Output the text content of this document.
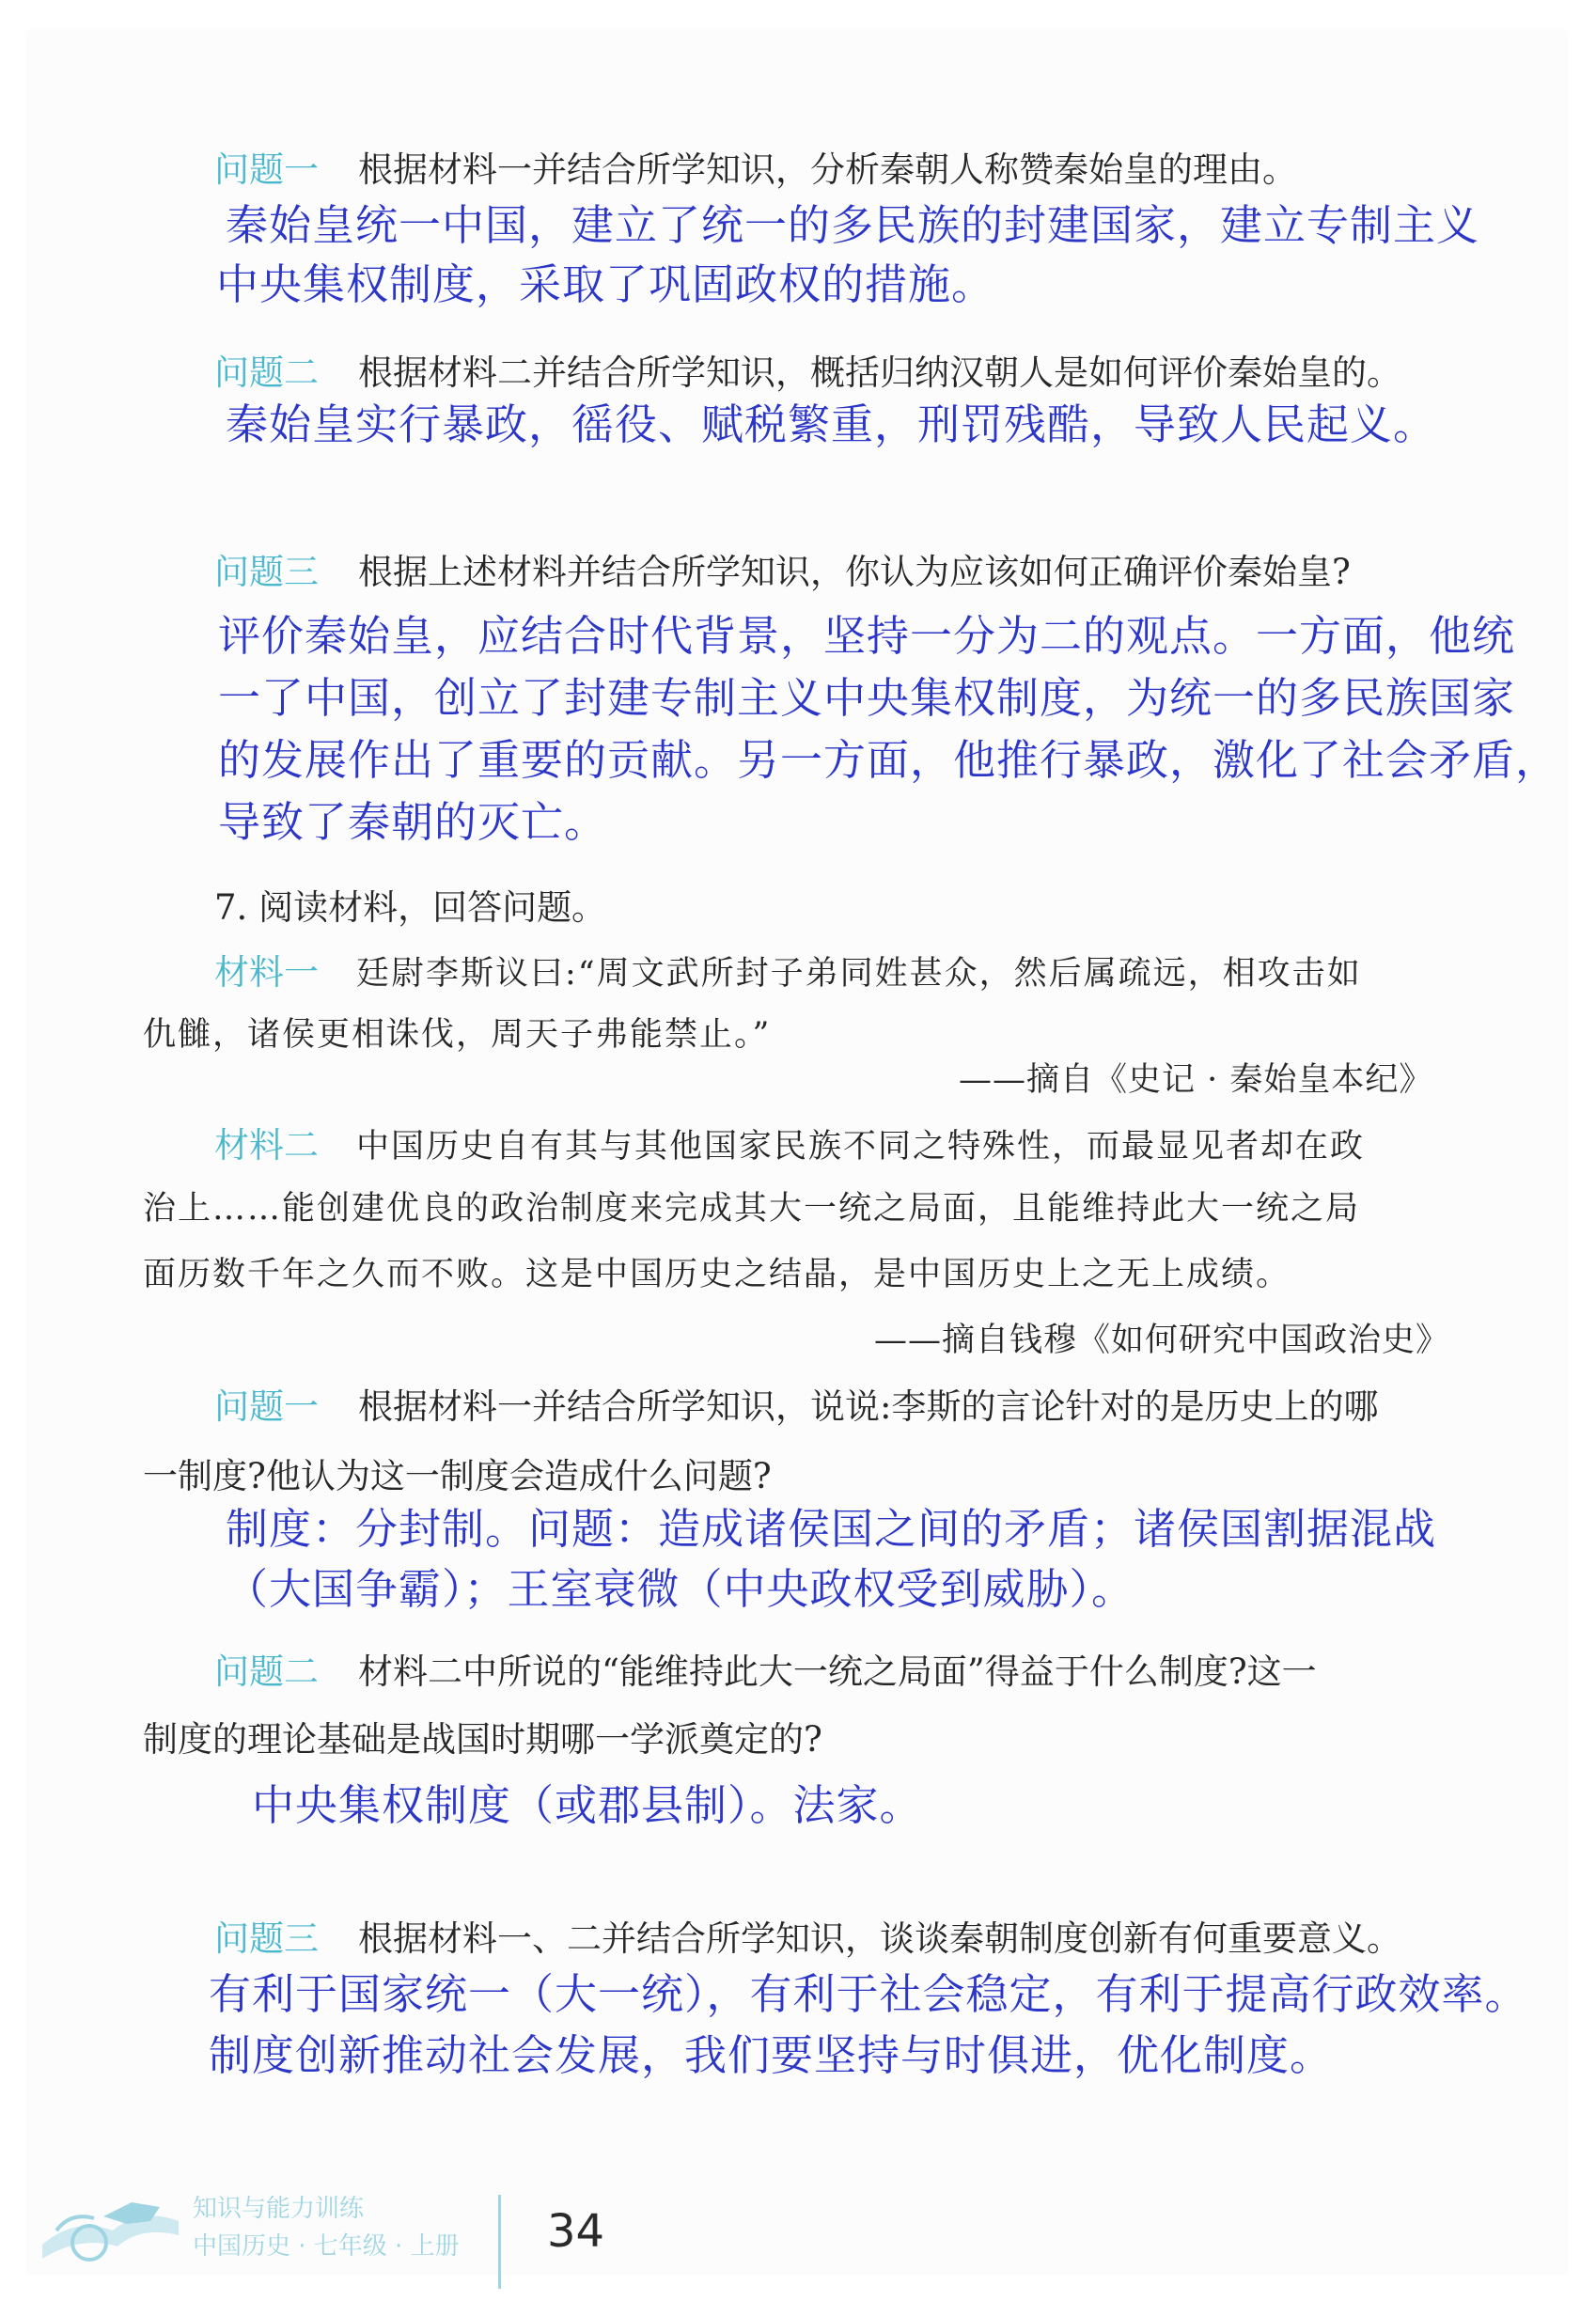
问题一 根据材料一并结合所学知识，分析秦朝人称赞秦始皇的理由。
秦始皇统一中国，建立了统一的多民族的封建国家，建立专制主义
中央集权制度，采取了巩固政权的措施。
问题二 根据材料二并结合所学知识，概括归纳汉朝人是如何评价秦始皇的。
秦始皇实行暴政，徭役、赋税繁重，刑罚残酷，导致人民起义。
问题三 根据上述材料并结合所学知识，你认为应该如何正确评价秦始皇?
评价秦始皇，应结合时代背景，坚持一分为二的观点。一方面，他统
一了中国，创立了封建专制主义中央集权制度，为统一的多民族国家
的发展作出了重要的贡献。另一方面，他推行暴政，激化了社会矛盾，
导致了秦朝的灭亡。
7. 阅读材料，回答问题。
材料一 廷尉李斯议曰:“周文武所封子弟同姓甚众，然后属疏远，相攻击如
仇雠，诸侯更相诛伐，周天子弗能禁止。”
——摘自《史记 · 秦始皇本纪》
材料二 中国历史自有其与其他国家民族不同之特殊性，而最显见者却在政
治上……能创建优良的政治制度来完成其大一统之局面，且能维持此大一统之局
面历数千年之久而不败。这是中国历史之结晶，是中国历史上之无上成绩。
——摘自钱穆《如何研究中国政治史》
问题一 根据材料一并结合所学知识，说说:李斯的言论针对的是历史上的哪
一制度?他认为这一制度会造成什么问题?
制度：分封制。问题：造成诸侯国之间的矛盾；诸侯国割据混战
（大国争霸）；王室衰微（中央政权受到威胁）。
问题二 材料二中所说的“能维持此大一统之局面”得益于什么制度?这一
制度的理论基础是战国时期哪一学派奠定的?
中央集权制度（或郡县制）。法家。
问题三 根据材料一、二并结合所学知识，谈谈秦朝制度创新有何重要意义。
有利于国家统一（大一统），有利于社会稳定，有利于提高行政效率。
制度创新推动社会发展，我们要坚持与时俱进，优化制度。
知识与能力训练
中国历史 · 七年级 · 上册 34
